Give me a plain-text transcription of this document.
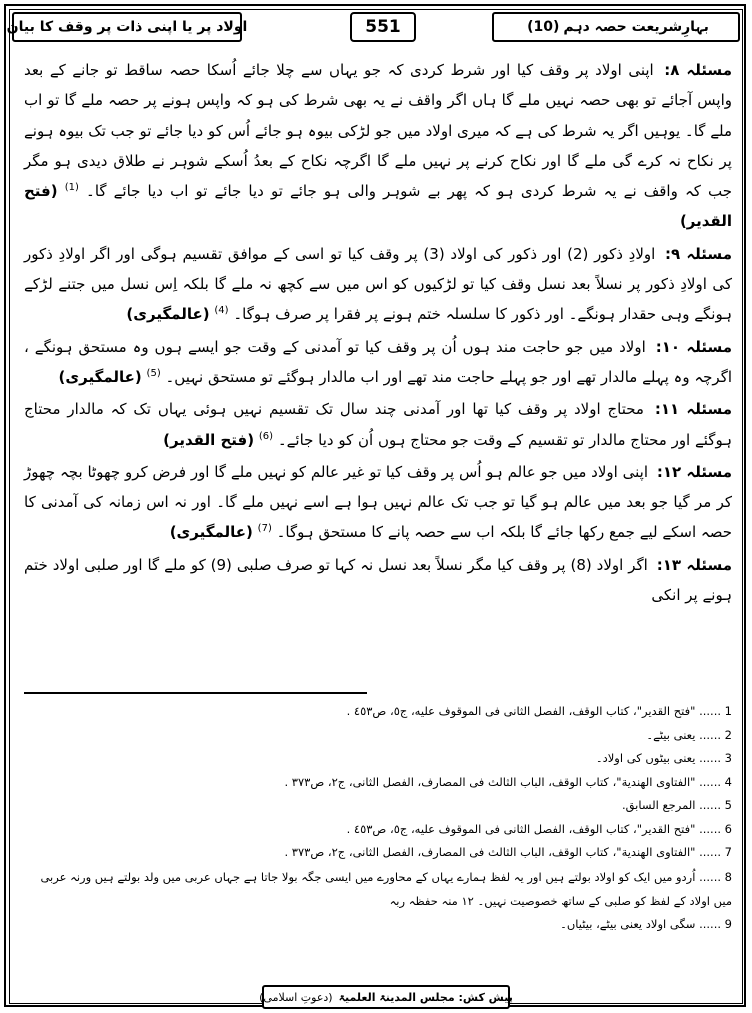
بہارِشریعت حصہ دہم
(10)
551
اولاد پر یا اپنی ذات پر وقف کا بیان

مسئلہ ۸: اپنی اولاد پر وقف کیا اور شرط کردی کہ جو یہاں سے چلا جائے اُسکا حصہ ساقط تو جانے کے بعد واپس آجائے تو بھی حصہ نہیں ملے گا ہاں اگر واقف نے یہ بھی شرط کی ہو کہ واپس ہونے پر حصہ ملے گا تو اب ملے گا۔ یوہیں اگر یہ شرط کی ہے کہ میری اولاد میں جو لڑکی بیوہ ہو جائے اُس کو دیا جائے تو جب تک بیوہ ہونے پر نکاح نہ کرے گی ملے گا اور نکاح کرنے پر نہیں ملے گا اگرچہ نکاح کے بعدُ اُسکے شوہر نے طلاق دیدی ہو مگر جب کہ واقف نے یہ شرط کردی ہو کہ پھر بے شوہر والی ہو جائے تو دیا جائے تو اب دیا جائے گا۔ $^{(1)}$ (فتح القدیر)

مسئلہ ۹: اولادِ ذکور (2) اور ذکور کی اولاد (3) پر وقف کیا تو اسی کے موافق تقسیم ہوگی اور اگر اولادِ ذکور کی اولادِ ذکور پر نسلاً بعد نسل وقف کیا تو لڑکیوں کو اس میں سے کچھ نہ ملے گا بلکہ اِس نسل میں جتنے لڑکے ہونگے وہی حقدار ہونگے۔ اور ذکور کا سلسلہ ختم ہونے پر فقرا پر صرف ہوگا۔ $^{(4)}$ (عالمگیری)

مسئلہ ۱۰: اولاد میں جو حاجت مند ہوں اُن پر وقف کیا تو آمدنی کے وقت جو ایسے ہوں وہ مستحق ہونگے ، اگرچہ وہ پہلے مالدار تھے اور جو پہلے حاجت مند تھے اور اب مالدار ہوگئے تو مستحق نہیں۔ $^{(5)}$ (عالمگیری)

مسئلہ ۱۱: محتاج اولاد پر وقف کیا تھا اور آمدنی چند سال تک تقسیم نہیں ہوئی یہاں تک کہ مالدار محتاج ہوگئے اور محتاج مالدار تو تقسیم کے وقت جو محتاج ہوں اُن کو دیا جائے۔ $^{(6)}$ (فتح القدیر)

مسئلہ ۱۲: اپنی اولاد میں جو عالم ہو اُس پر وقف کیا تو غیر عالم کو نہیں ملے گا اور فرض کرو چھوٹا بچہ چھوڑ کر مر گیا جو بعد میں عالم ہو گیا تو جب تک عالم نہیں ہوا ہے اسے نہیں ملے گا۔ اور نہ اس زمانہ کی آمدنی کا حصہ اسکے لیے جمع رکھا جائے گا بلکہ اب سے حصہ پانے کا مستحق ہوگا۔ $^{(7)}$ (عالمگیری)

مسئلہ ۱۳: اگر اولاد (8) پر وقف کیا مگر نسلاً بعد نسل نہ کہا تو صرف صلبی (9) کو ملے گا اور صلبی اولاد ختم ہونے پر انکی

1 ...... "فتح القدير"، كتاب الوقف، الفصل الثانى فى الموقوف عليه، ج٥، ص٤٥٣ .
2 ...... یعنی بیٹے۔
3 ...... یعنی بیٹوں کی اولاد۔
4 ...... "الفتاوى الهندية"، كتاب الوقف، الباب الثالث فى المصارف، الفصل الثانى، ج٢، ص٣٧٣ .
5 ...... المرجع السابق.
6 ...... "فتح القدير"، كتاب الوقف، الفصل الثانى فى الموقوف عليه، ج٥، ص٤٥٣ .
7 ...... "الفتاوى الهندية"، كتاب الوقف، الباب الثالث فى المصارف، الفصل الثانى، ج٢، ص٣٧٣ .
8 ...... اُردو میں ایک کو اولاد بولتے ہیں اور یہ لفظ ہمارے یہاں کے محاورے میں ایسی جگہ بولا جاتا ہے جہاں عربی میں ولد بولتے ہیں ورنہ عربی میں اولاد کے لفظ کو صلبی کے ساتھ خصوصیت نہیں۔ ۱۲ منہ حفظہ ربہ
9 ...... سگی اولاد یعنی بیٹے، بیٹیاں۔
پیش کش:

مجلس المدینۃ العلمیۃ
(دعوتِ اسلامی)
